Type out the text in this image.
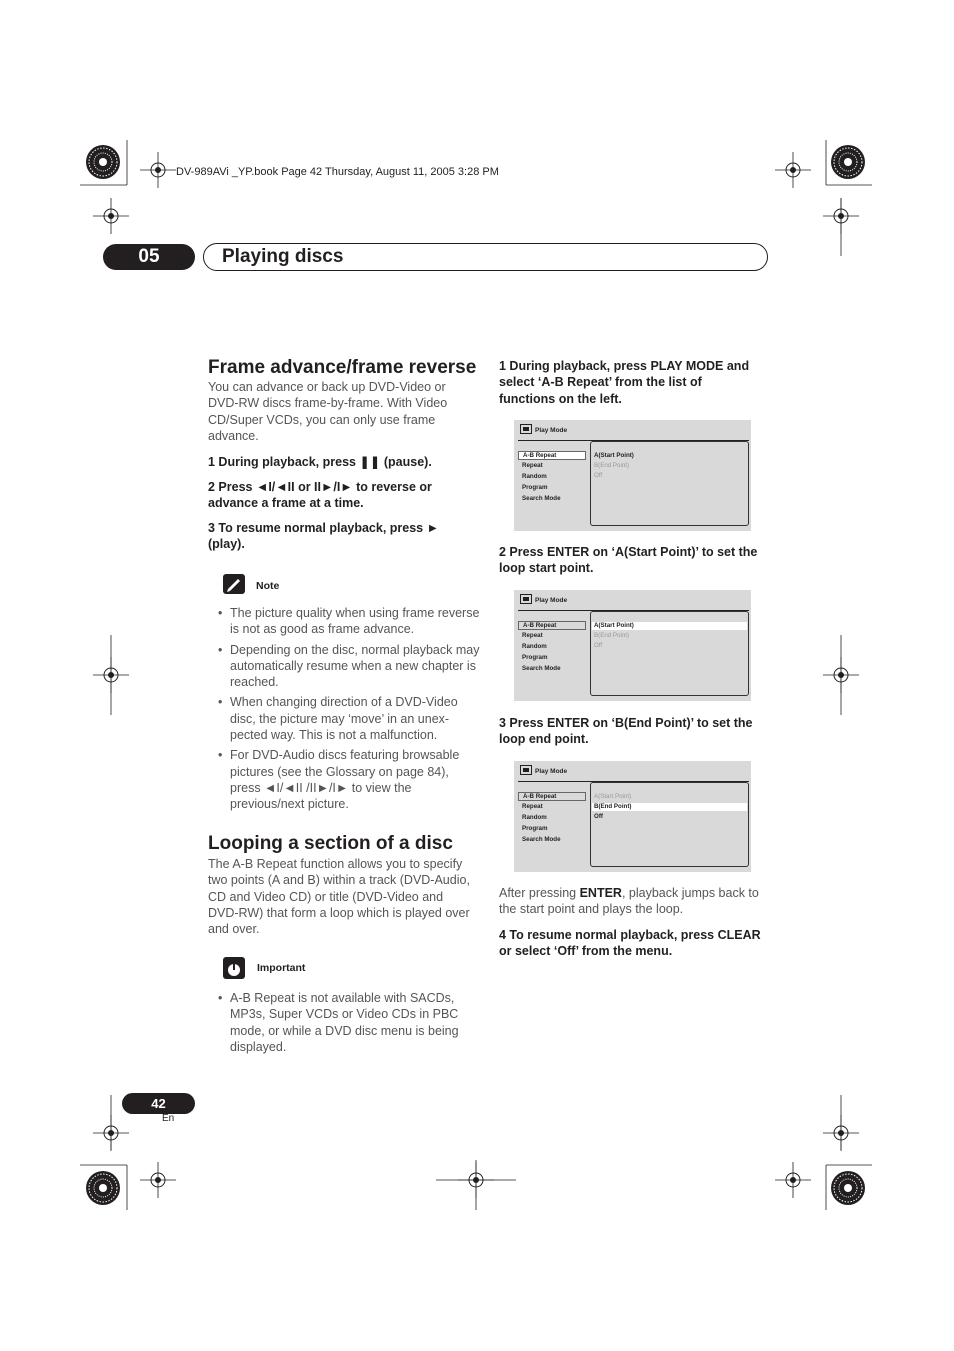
DV-989AVi _YP.book Page 42 Thursday, August 11, 2005 3:28 PM
05	Playing discs
Frame advance/frame reverse

You can advance or back up DVD-Video or DVD-RW discs frame-by-frame. With Video CD/Super VCDs, you can only use frame advance.

1 During playback, press ❚❚ (pause).

2 Press ◄I/◄II or II►/I► to reverse or advance a frame at a time.

3 To resume normal playback, press ► (play).

Note
• The picture quality when using frame reverse is not as good as frame advance.
• Depending on the disc, normal playback may automatically resume when a new chapter is reached.
• When changing direction of a DVD-Video disc, the picture may ‘move’ in an unex-pected way. This is not a malfunction.
• For DVD-Audio discs featuring browsable pictures (see the Glossary on page 84), press ◄I/◄II /II►/I► to view the previous/next picture.
Looping a section of a disc

The A-B Repeat function allows you to specify two points (A and B) within a track (DVD-Audio, CD and Video CD) or title (DVD-Video and DVD-RW) that form a loop which is played over and over.

Important
• A-B Repeat is not available with SACDs, MP3s, Super VCDs or Video CDs in PBC mode, or while a DVD disc menu is being displayed.

1 During playback, press PLAY MODE and select ‘A-B Repeat’ from the list of functions on the left.

Play Mode
A-B Repeat
Repeat
Random
Program
Search Mode
A(Start Point)
B(End Point)
Off

2 Press ENTER on ‘A(Start Point)’ to set the loop start point.

Play Mode
A-B Repeat
Repeat
Random
Program
Search Mode
A(Start Point)
B(End Point)
Off

3 Press ENTER on ‘B(End Point)’ to set the loop end point.

Play Mode
A-B Repeat
Repeat
Random
Program
Search Mode
A(Start Point)
B(End Point)
Off

After pressing ENTER, playback jumps back to the start point and plays the loop.

4 To resume normal playback, press CLEAR or select ‘Off’ from the menu.

42
En
